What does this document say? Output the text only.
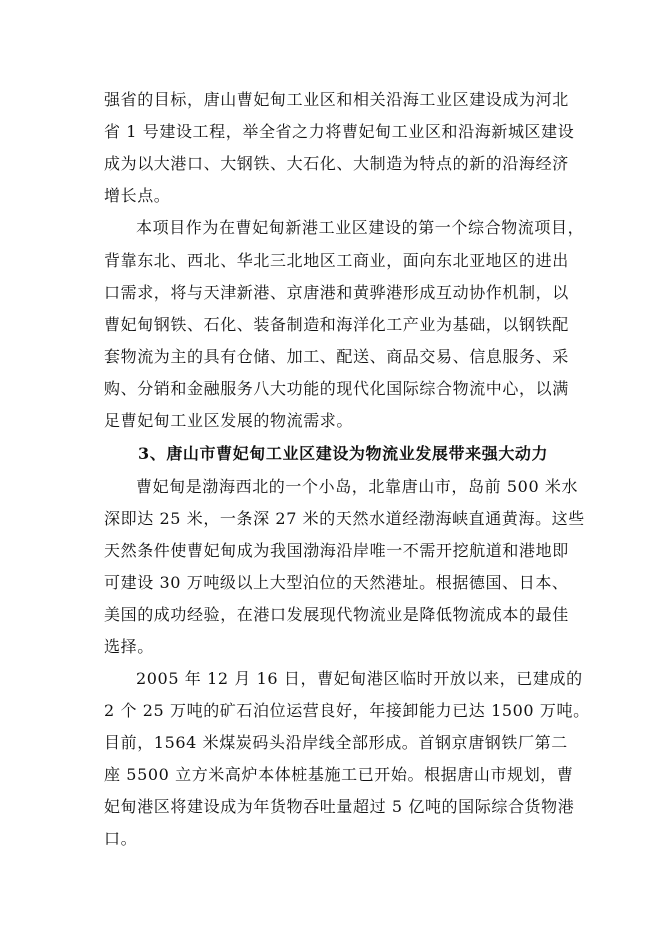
强省的目标，唐山曹妃甸工业区和相关沿海工业区建设成为河北
省 1 号建设工程，举全省之力将曹妃甸工业区和沿海新城区建设
成为以大港口、大钢铁、大石化、大制造为特点的新的沿海经济
增长点。
本项目作为在曹妃甸新港工业区建设的第一个综合物流项目，
背靠东北、西北、华北三北地区工商业，面向东北亚地区的进出
口需求，将与天津新港、京唐港和黄骅港形成互动协作机制，以
曹妃甸钢铁、石化、装备制造和海洋化工产业为基础，以钢铁配
套物流为主的具有仓储、加工、配送、商品交易、信息服务、采
购、分销和金融服务八大功能的现代化国际综合物流中心，以满
足曹妃甸工业区发展的物流需求。
3、唐山市曹妃甸工业区建设为物流业发展带来强大动力
曹妃甸是渤海西北的一个小岛，北靠唐山市，岛前 500 米水
深即达 25 米，一条深 27 米的天然水道经渤海峡直通黄海。这些
天然条件使曹妃甸成为我国渤海沿岸唯一不需开挖航道和港地即
可建设 30 万吨级以上大型泊位的天然港址。根据德国、日本、
美国的成功经验，在港口发展现代物流业是降低物流成本的最佳
选择。
2005 年 12 月 16 日，曹妃甸港区临时开放以来，已建成的
2 个 25 万吨的矿石泊位运营良好，年接卸能力已达 1500 万吨。
目前，1564 米煤炭码头沿岸线全部形成。首钢京唐钢铁厂第二
座 5500 立方米高炉本体桩基施工已开始。根据唐山市规划，曹
妃甸港区将建设成为年货物吞吐量超过 5 亿吨的国际综合货物港
口。
